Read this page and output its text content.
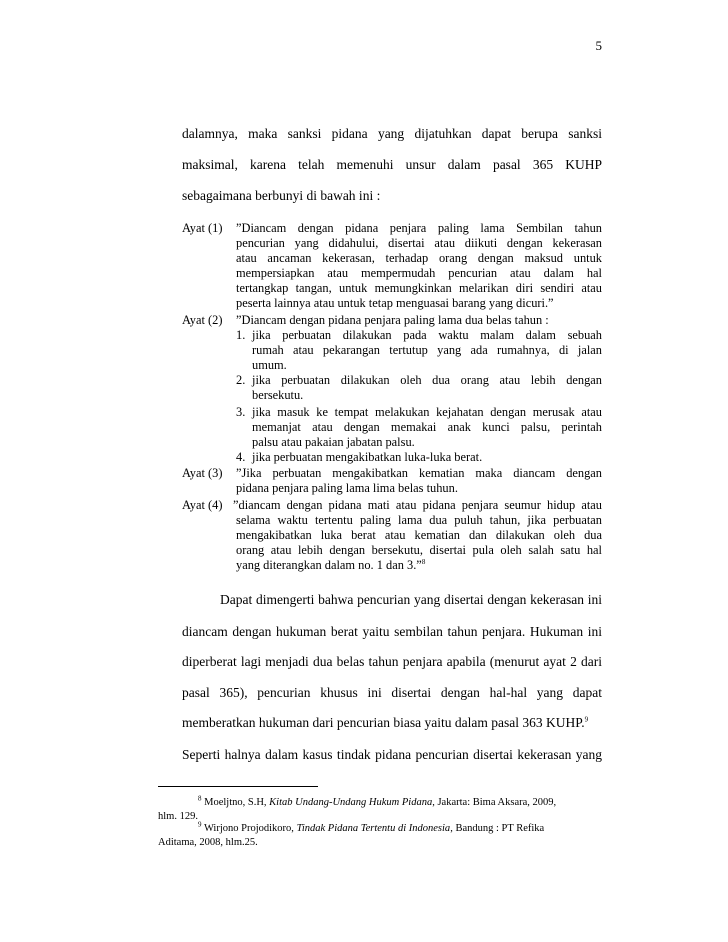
5
dalamnya, maka sanksi pidana yang dijatuhkan dapat berupa sanksi
maksimal, karena telah memenuhi unsur dalam pasal 365 KUHP
sebagaimana berbunyi di bawah ini :
Ayat (1) ”Diancam dengan pidana penjara paling lama Sembilan tahun
pencurian yang didahului, disertai atau diikuti dengan kekerasan
atau ancaman kekerasan, terhadap orang dengan maksud untuk
mempersiapkan atau mempermudah pencurian atau dalam hal
tertangkap tangan, untuk memungkinkan melarikan diri sendiri atau
peserta lainnya atau untuk tetap menguasai barang yang dicuri.”
Ayat (2) ”Diancam dengan pidana penjara paling lama dua belas tahun :
1. jika perbuatan dilakukan pada waktu malam dalam sebuah
rumah atau pekarangan tertutup yang ada rumahnya, di jalan
umum.
2. jika perbuatan dilakukan oleh dua orang atau lebih dengan
bersekutu.
3. jika masuk ke tempat melakukan kejahatan dengan merusak atau
memanjat atau dengan memakai anak kunci palsu, perintah
palsu atau pakaian jabatan palsu.
4. jika perbuatan mengakibatkan luka-luka berat.
Ayat (3) ”Jika perbuatan mengakibatkan kematian maka diancam dengan
pidana penjara paling lama lima belas tuhun.
Ayat (4) ”diancam dengan pidana mati atau pidana penjara seumur hidup atau
selama waktu tertentu paling lama dua puluh tahun, jika perbuatan
mengakibatkan luka berat atau kematian dan dilakukan oleh dua
orang atau lebih dengan bersekutu, disertai pula oleh salah satu hal
yang diterangkan dalam no. 1 dan 3.”$^8$
Dapat dimengerti bahwa pencurian yang disertai dengan kekerasan ini
diancam dengan hukuman berat yaitu sembilan tahun penjara. Hukuman ini
diperberat lagi menjadi dua belas tahun penjara apabila (menurut ayat 2 dari
pasal 365), pencurian khusus ini disertai dengan hal-hal yang dapat
memberatkan hukuman dari pencurian biasa yaitu dalam pasal 363 KUHP.$^9$
Seperti halnya dalam kasus tindak pidana pencurian disertai kekerasan yang
$^8$ Moeljtno, S.H, Kitab Undang-Undang Hukum Pidana, Jakarta: Bima Aksara, 2009,
hlm. 129.
$^9$ Wirjono Projodikoro, Tindak Pidana Tertentu di Indonesia, Bandung : PT Refika
Aditama, 2008, hlm.25.
